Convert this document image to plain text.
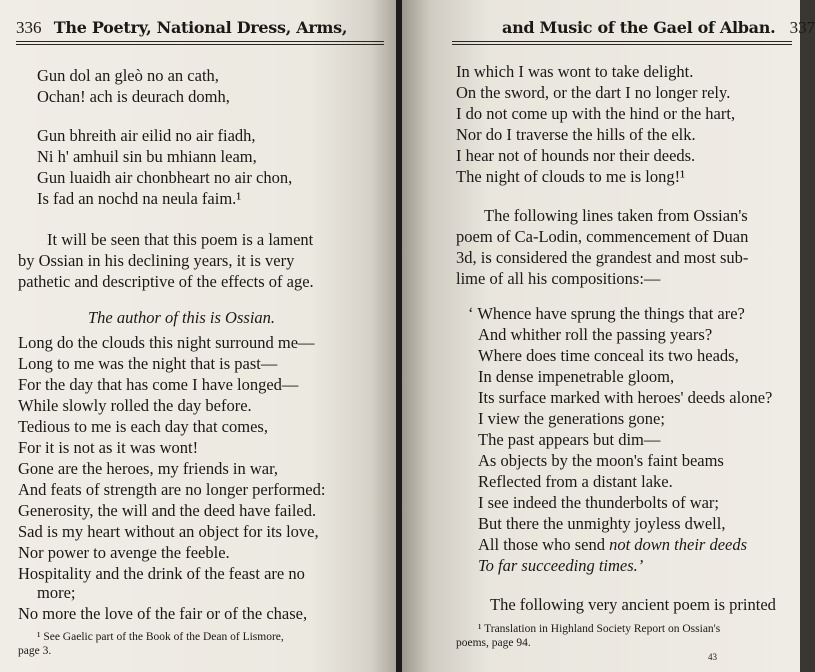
336 The Poetry, National Dress, Arms,
Gun dol an gleò no an cath,
Ochan! ach is deurach domh,
Gun bhreith air eilid no air fiadh,
Ni h' amhuil sin bu mhiann leam,
Gun luaidh air chonbheart no air chon,
Is fad an nochd na neula faim.¹
It will be seen that this poem is a lament
by Ossian in his declining years, it is very
pathetic and descriptive of the effects of age.
The author of this is Ossian.
Long do the clouds this night surround me—
Long to me was the night that is past—
For the day that has come I have longed—
While slowly rolled the day before.
Tedious to me is each day that comes,
For it is not as it was wont!
Gone are the heroes, my friends in war,
And feats of strength are no longer performed:
Generosity, the will and the deed have failed.
Sad is my heart without an object for its love,
Nor power to avenge the feeble.
Hospitality and the drink of the feast are no
more;
No more the love of the fair or of the chase,
¹ See Gaelic part of the Book of the Dean of Lismore,
page 3.
and Music of the Gael of Alban. 337
In which I was wont to take delight.
On the sword, or the dart I no longer rely.
I do not come up with the hind or the hart,
Nor do I traverse the hills of the elk.
I hear not of hounds nor their deeds.
The night of clouds to me is long!¹
The following lines taken from Ossian's
poem of Ca-Lodin, commencement of Duan
3d, is considered the grandest and most sub-
lime of all his compositions:—
‘ Whence have sprung the things that are?
And whither roll the passing years?
Where does time conceal its two heads,
In dense impenetrable gloom,
Its surface marked with heroes' deeds alone?
I view the generations gone;
The past appears but dim—
As objects by the moon's faint beams
Reflected from a distant lake.
I see indeed the thunderbolts of war;
But there the unmighty joyless dwell,
All those who send not down their deeds
To far succeeding times.’
The following very ancient poem is printed
¹ Translation in Highland Society Report on Ossian's
poems, page 94.
43
